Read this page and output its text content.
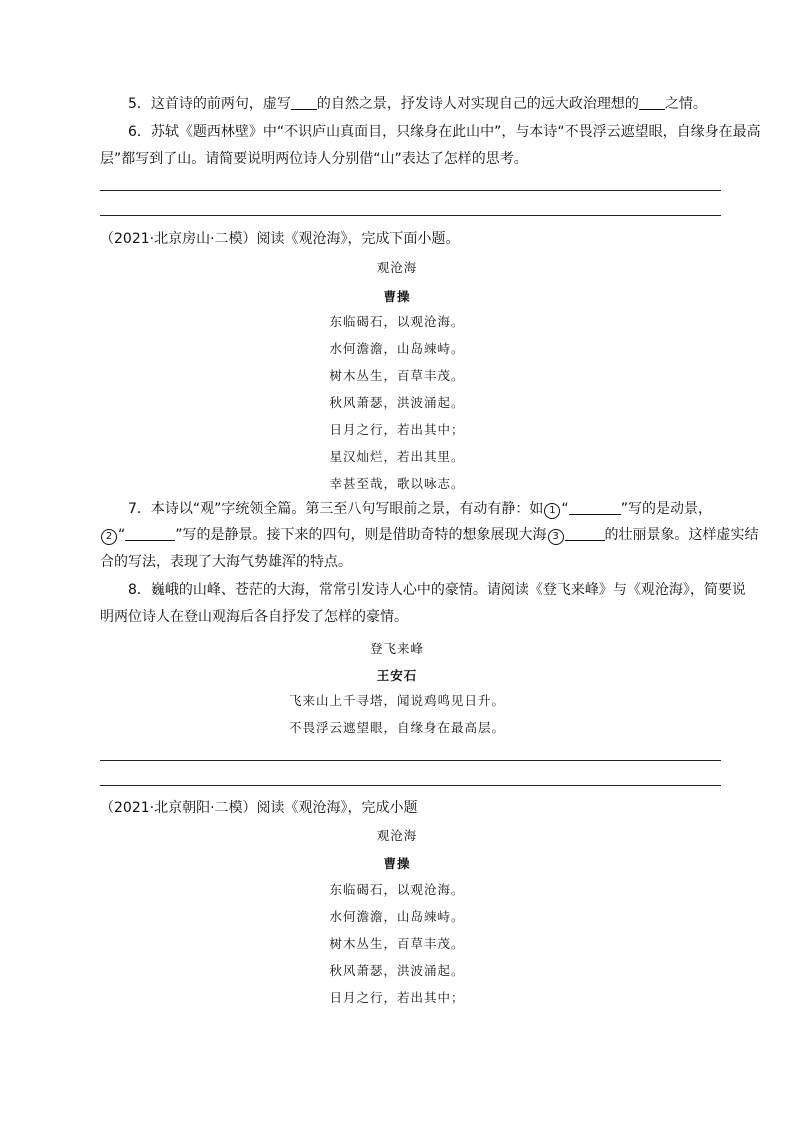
5．这首诗的前两句，虚写 的自然之景，抒发诗人对实现自己的远大政治理想的 之情。
6．苏轼《题西林壁》中“不识庐山真面目，只缘身在此山中”，与本诗“不畏浮云遮望眼，自缘身在最高
层”都写到了山。请简要说明两位诗人分别借“山”表达了怎样的思考。
（2021·北京房山·二模）阅读《观沧海》，完成下面小题。
观沧海
曹操
东临碣石，以观沧海。
水何澹澹，山岛竦峙。
树木丛生，百草丰茂。
秋风萧瑟，洪波涌起。
日月之行，若出其中；
星汉灿烂，若出其里。
幸甚至哉，歌以咏志。
7．本诗以“观”字统领全篇。第三至八句写眼前之景，有动有静：如 1 “	”写的是动景，
2 “	”写的是静景。接下来的四句，则是借助奇特的想象展现大海 3	的壮丽景象。这样虚实结
合的写法，表现了大海气势雄浑的特点。
8．巍峨的山峰、苍茫的大海，常常引发诗人心中的豪情。请阅读《登飞来峰》与《观沧海》，简要说
明两位诗人在登山观海后各自抒发了怎样的豪情。
登飞来峰
王安石
飞来山上千寻塔，闻说鸡鸣见日升。
不畏浮云遮望眼，自缘身在最高层。
（2021·北京朝阳·二模）阅读《观沧海》，完成小题
观沧海
曹操
东临碣石，以观沧海。
水何澹澹，山岛竦峙。
树木丛生，百草丰茂。
秋风萧瑟，洪波涌起。
日月之行，若出其中；
